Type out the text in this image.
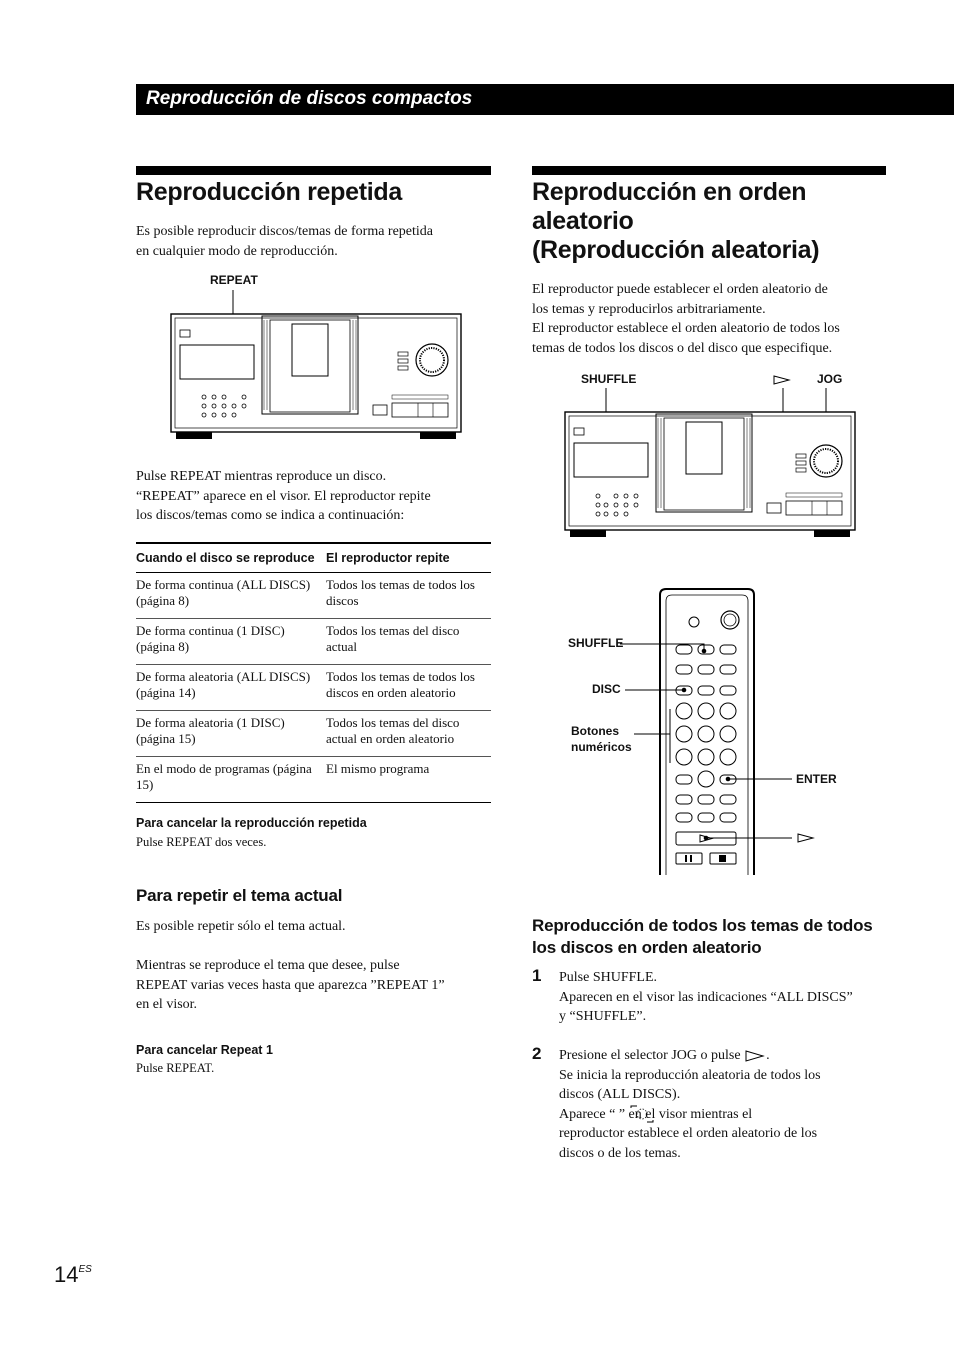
Reproducción de discos compactos
Reproducción repetida
Es posible reproducir discos/temas de forma repetida
en cualquier modo de reproducción.
REPEAT
Pulse REPEAT mientras reproduce un disco.
“REPEAT” aparece en el visor. El reproductor repite
los discos/temas como se indica a continuación:
Cuando el disco se reproduce	El reproductor repite
De forma continua (ALL DISCS) (página 8)	Todos los temas de todos los discos
De forma continua (1 DISC) (página 8)	Todos los temas del disco actual
De forma aleatoria (ALL DISCS) (página 14)	Todos los temas de todos los discos en orden aleatorio
De forma aleatoria (1 DISC) (página 15)	Todos los temas del disco actual en orden aleatorio
En el modo de programas (página 15)	El mismo programa
Para cancelar la reproducción repetida
Pulse REPEAT dos veces.
Para repetir el tema actual
Es posible repetir sólo el tema actual.
Mientras se reproduce el tema que desee, pulse
REPEAT varias veces hasta que aparezca ”REPEAT 1”
en el visor.
Para cancelar Repeat 1
Pulse REPEAT.
Reproducción en orden
aleatorio
(Reproducción aleatoria)
El reproductor puede establecer el orden aleatorio de
los temas y reproducirlos arbitrariamente.
El reproductor establece el orden aleatorio de todos los
temas de todos los discos o del disco que especifique.
SHUFFLE	JOG
SHUFFLE
DISC
Botones
numéricos
ENTER
Reproducción de todos los temas de todos
los discos en orden aleatorio
1 Pulse SHUFFLE.
Aparecen en el visor las indicaciones “ALL DISCS”
y “SHUFFLE”.
2 Presione el selector JOG o pulse .
Se inicia la reproducción aleatoria de todos los
discos (ALL DISCS).
Aparece “ ” en el visor mientras el
reproductor establece el orden aleatorio de los
discos o de los temas.
$14^{ES}$
